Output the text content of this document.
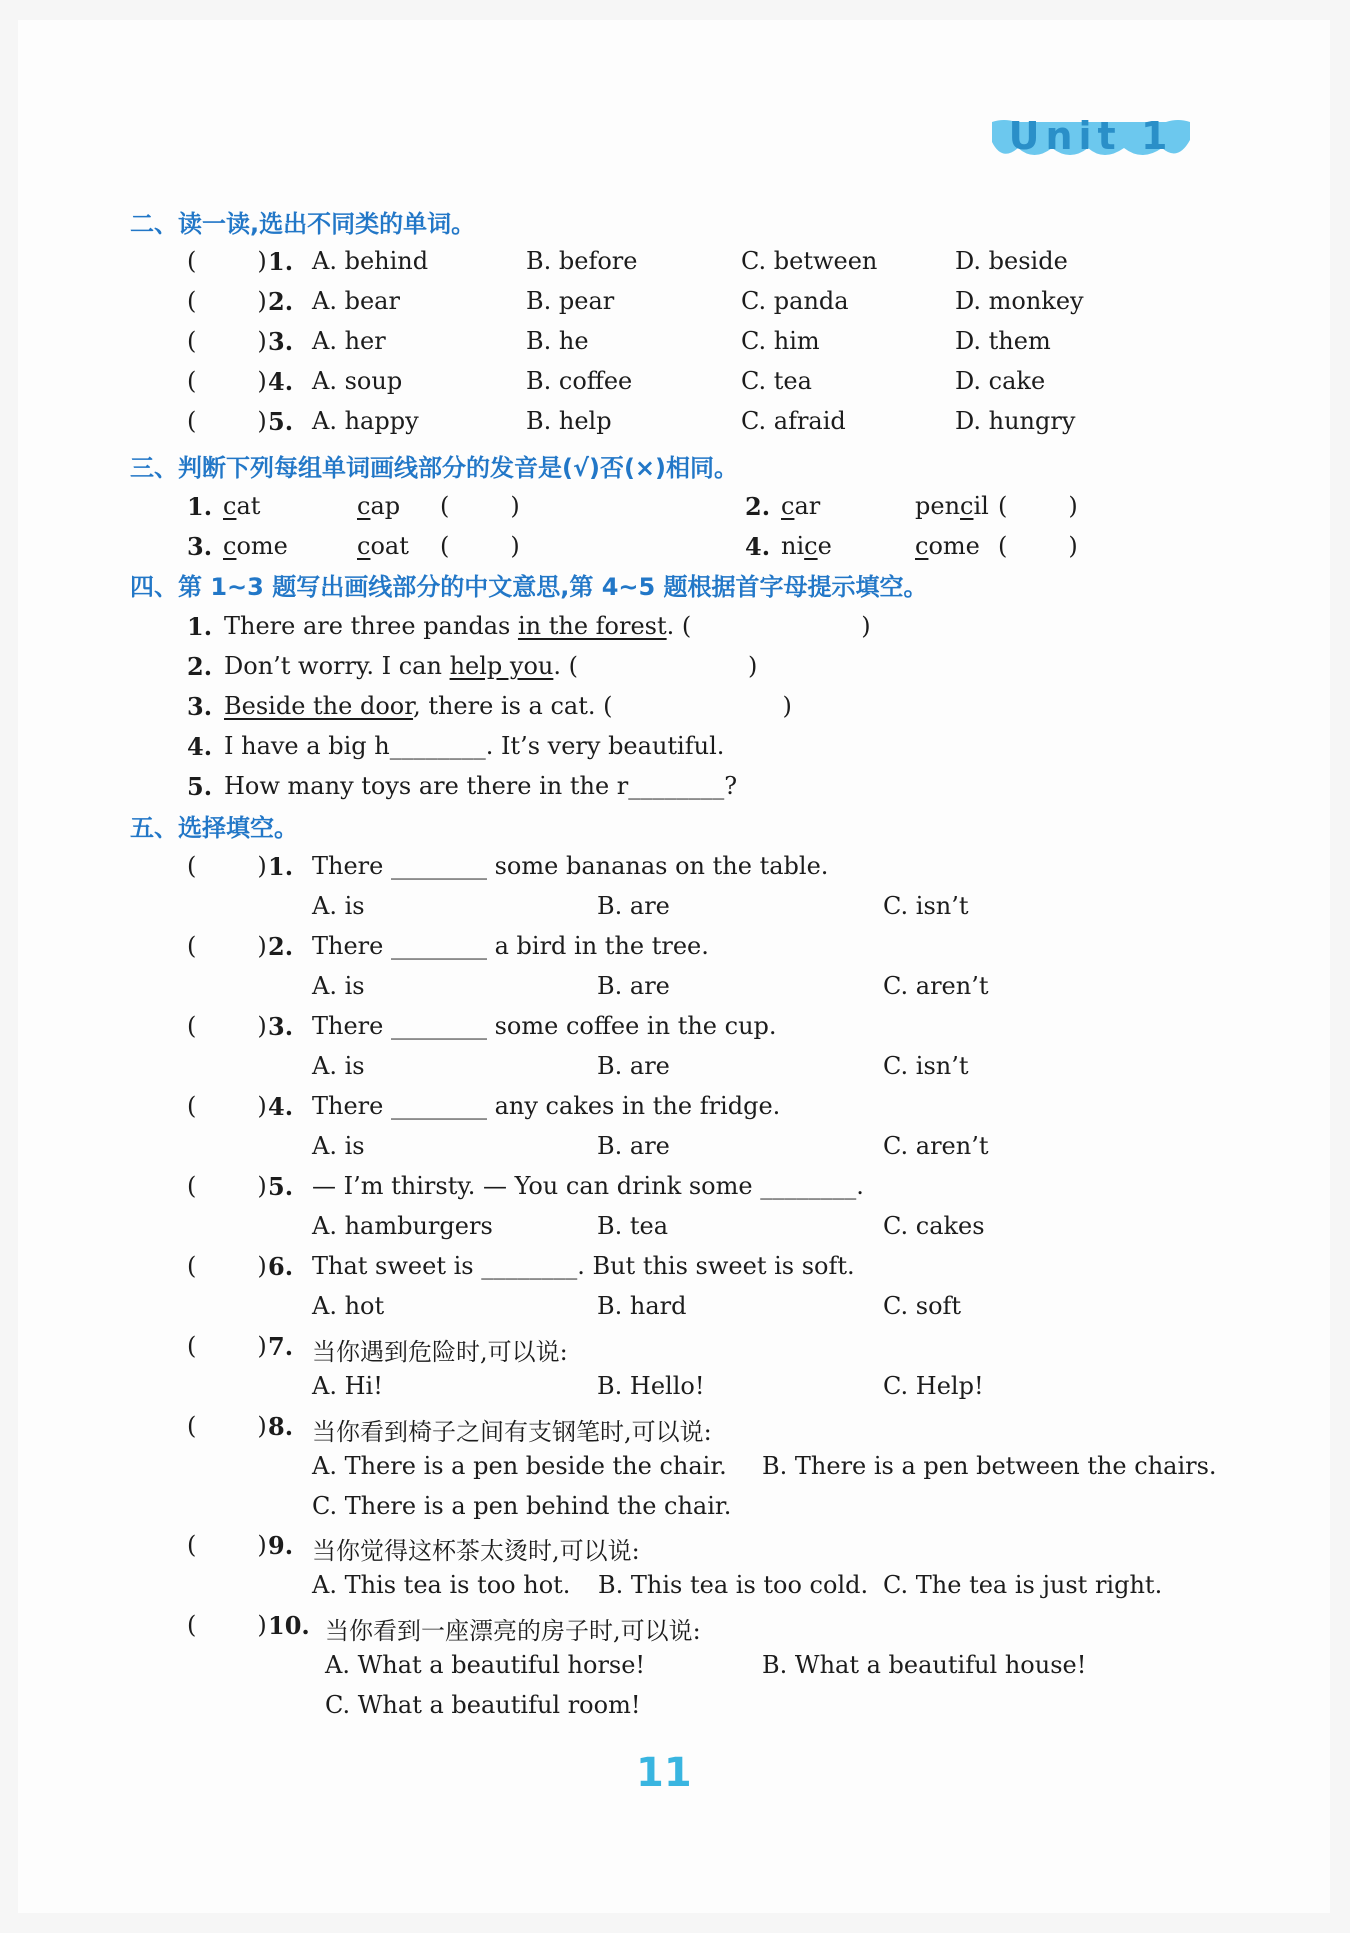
Unit 1
二、读一读,选出不同类的单词。
(        ) 1. A. behind	B. before	C. between	D. beside
(        ) 2. A. bear	B. pear	C. panda	D. monkey
(        ) 3. A. her	B. he	C. him	D. them
(        ) 4. A. soup	B. coffee	C. tea	D. cake
(        ) 5. A. happy	B. help	C. afraid	D. hungry
三、判断下列每组单词画线部分的发音是(√)否(×)相同。
1. cat	cap (        )	2. car	pencil (        )
3. come	coat (        )	4. nice	come (        )
四、第 1~3 题写出画线部分的中文意思,第 4~5 题根据首字母提示填空。
1. There are three pandas in the forest. (	)
2. Don’t worry. I can help you. (	)
3. Beside the door, there is a cat. (	)
4. I have a big h________. It’s very beautiful.
5. How many toys are there in the r________?
五、选择填空。
(        ) 1. There ________ some bananas on the table.
A. is	B. are	C. isn’t
(        ) 2. There ________ a bird in the tree.
A. is	B. are	C. aren’t
(        ) 3. There ________ some coffee in the cup.
A. is	B. are	C. isn’t
(        ) 4. There ________ any cakes in the fridge.
A. is	B. are	C. aren’t
(        ) 5. — I’m thirsty. — You can drink some ________.
A. hamburgers	B. tea	C. cakes
(        ) 6. That sweet is ________. But this sweet is soft.
A. hot	B. hard	C. soft
(        ) 7. 当你遇到危险时,可以说:
A. Hi!	B. Hello!	C. Help!
(        ) 8. 当你看到椅子之间有支钢笔时,可以说:
A. There is a pen beside the chair. B. There is a pen between the chairs.
C. There is a pen behind the chair.
(        ) 9. 当你觉得这杯茶太烫时,可以说:
A. This tea is too hot. B. This tea is too cold. C. The tea is just right.
(        ) 10. 当你看到一座漂亮的房子时,可以说:
A. What a beautiful horse!	B. What a beautiful house!
C. What a beautiful room!
11
